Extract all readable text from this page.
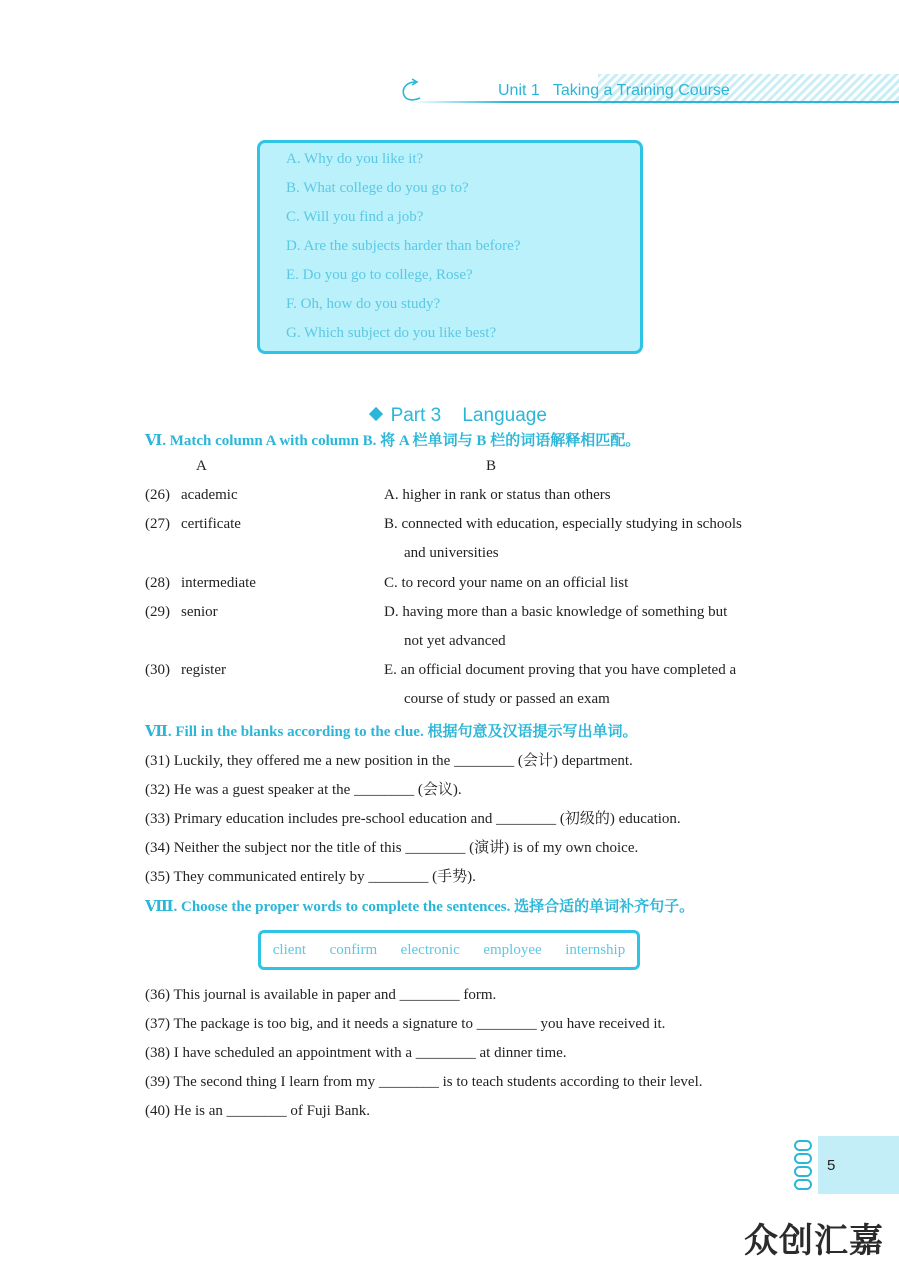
Unit 1   Taking a Training Course
A. Why do you like it?
B. What college do you go to?
C. Will you find a job?
D. Are the subjects harder than before?
E. Do you go to college, Rose?
F. Oh, how do you study?
G. Which subject do you like best?

Part 3    Language

Ⅵ. Match column A with column B. 将 A 栏单词与 B 栏的词语解释相匹配。
A	B
(26) academic	A. higher in rank or status than others
(27) certificate	B. connected with education, especially studying in schools
and universities
(28) intermediate	C. to record your name on an official list
(29) senior	D. having more than a basic knowledge of something but
not yet advanced
(30) register	E. an official document proving that you have completed a
course of study or passed an exam
Ⅶ. Fill in the blanks according to the clue. 根据句意及汉语提示写出单词。
(31) Luckily, they offered me a new position in the ________ (会计) department.
(32) He was a guest speaker at the ________ (会议).
(33) Primary education includes pre-school education and ________ (初级的) education.
(34) Neither the subject nor the title of this ________ (演讲) is of my own choice.
(35) They communicated entirely by ________ (手势).
Ⅷ. Choose the proper words to complete the sentences. 选择合适的单词补齐句子。
client confirm electronic employee internship
(36) This journal is available in paper and ________ form.
(37) The package is too big, and it needs a signature to ________ you have received it.
(38) I have scheduled an appointment with a ________ at dinner time.
(39) The second thing I learn from my ________ is to teach students according to their level.
(40) He is an ________ of Fuji Bank.
5
众创汇嘉
